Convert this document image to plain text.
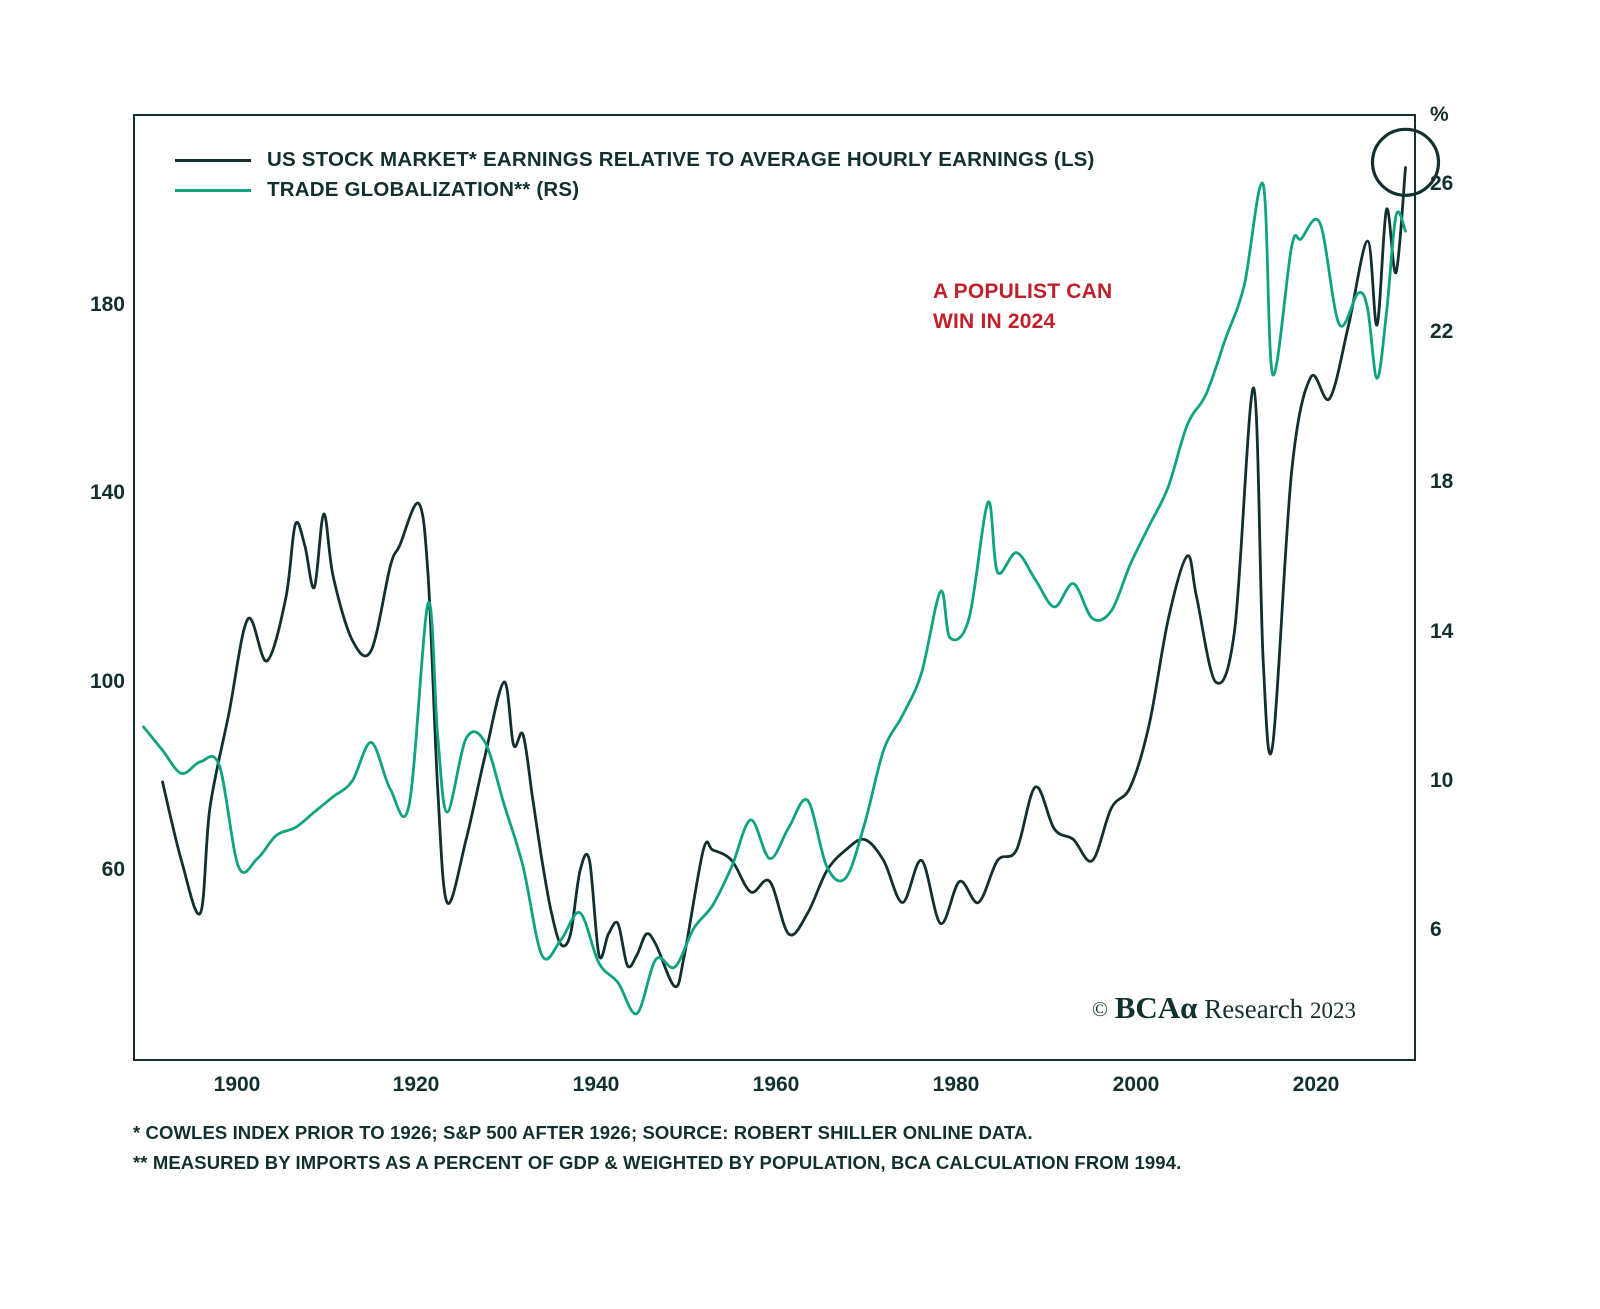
US STOCK MARKET* EARNINGS RELATIVE TO AVERAGE HOURLY EARNINGS (LS)
TRADE GLOBALIZATION** (RS)
180
140
100
60
%
26
22
18
14
10
6
1900	1920	1940	1960	1980	2000	2020
A POPULIST CAN
WIN IN 2024
© BCAα Research 2023
* COWLES INDEX PRIOR TO 1926; S&P 500 AFTER 1926; SOURCE: ROBERT SHILLER ONLINE DATA.
** MEASURED BY IMPORTS AS A PERCENT OF GDP & WEIGHTED BY POPULATION, BCA CALCULATION FROM 1994.
